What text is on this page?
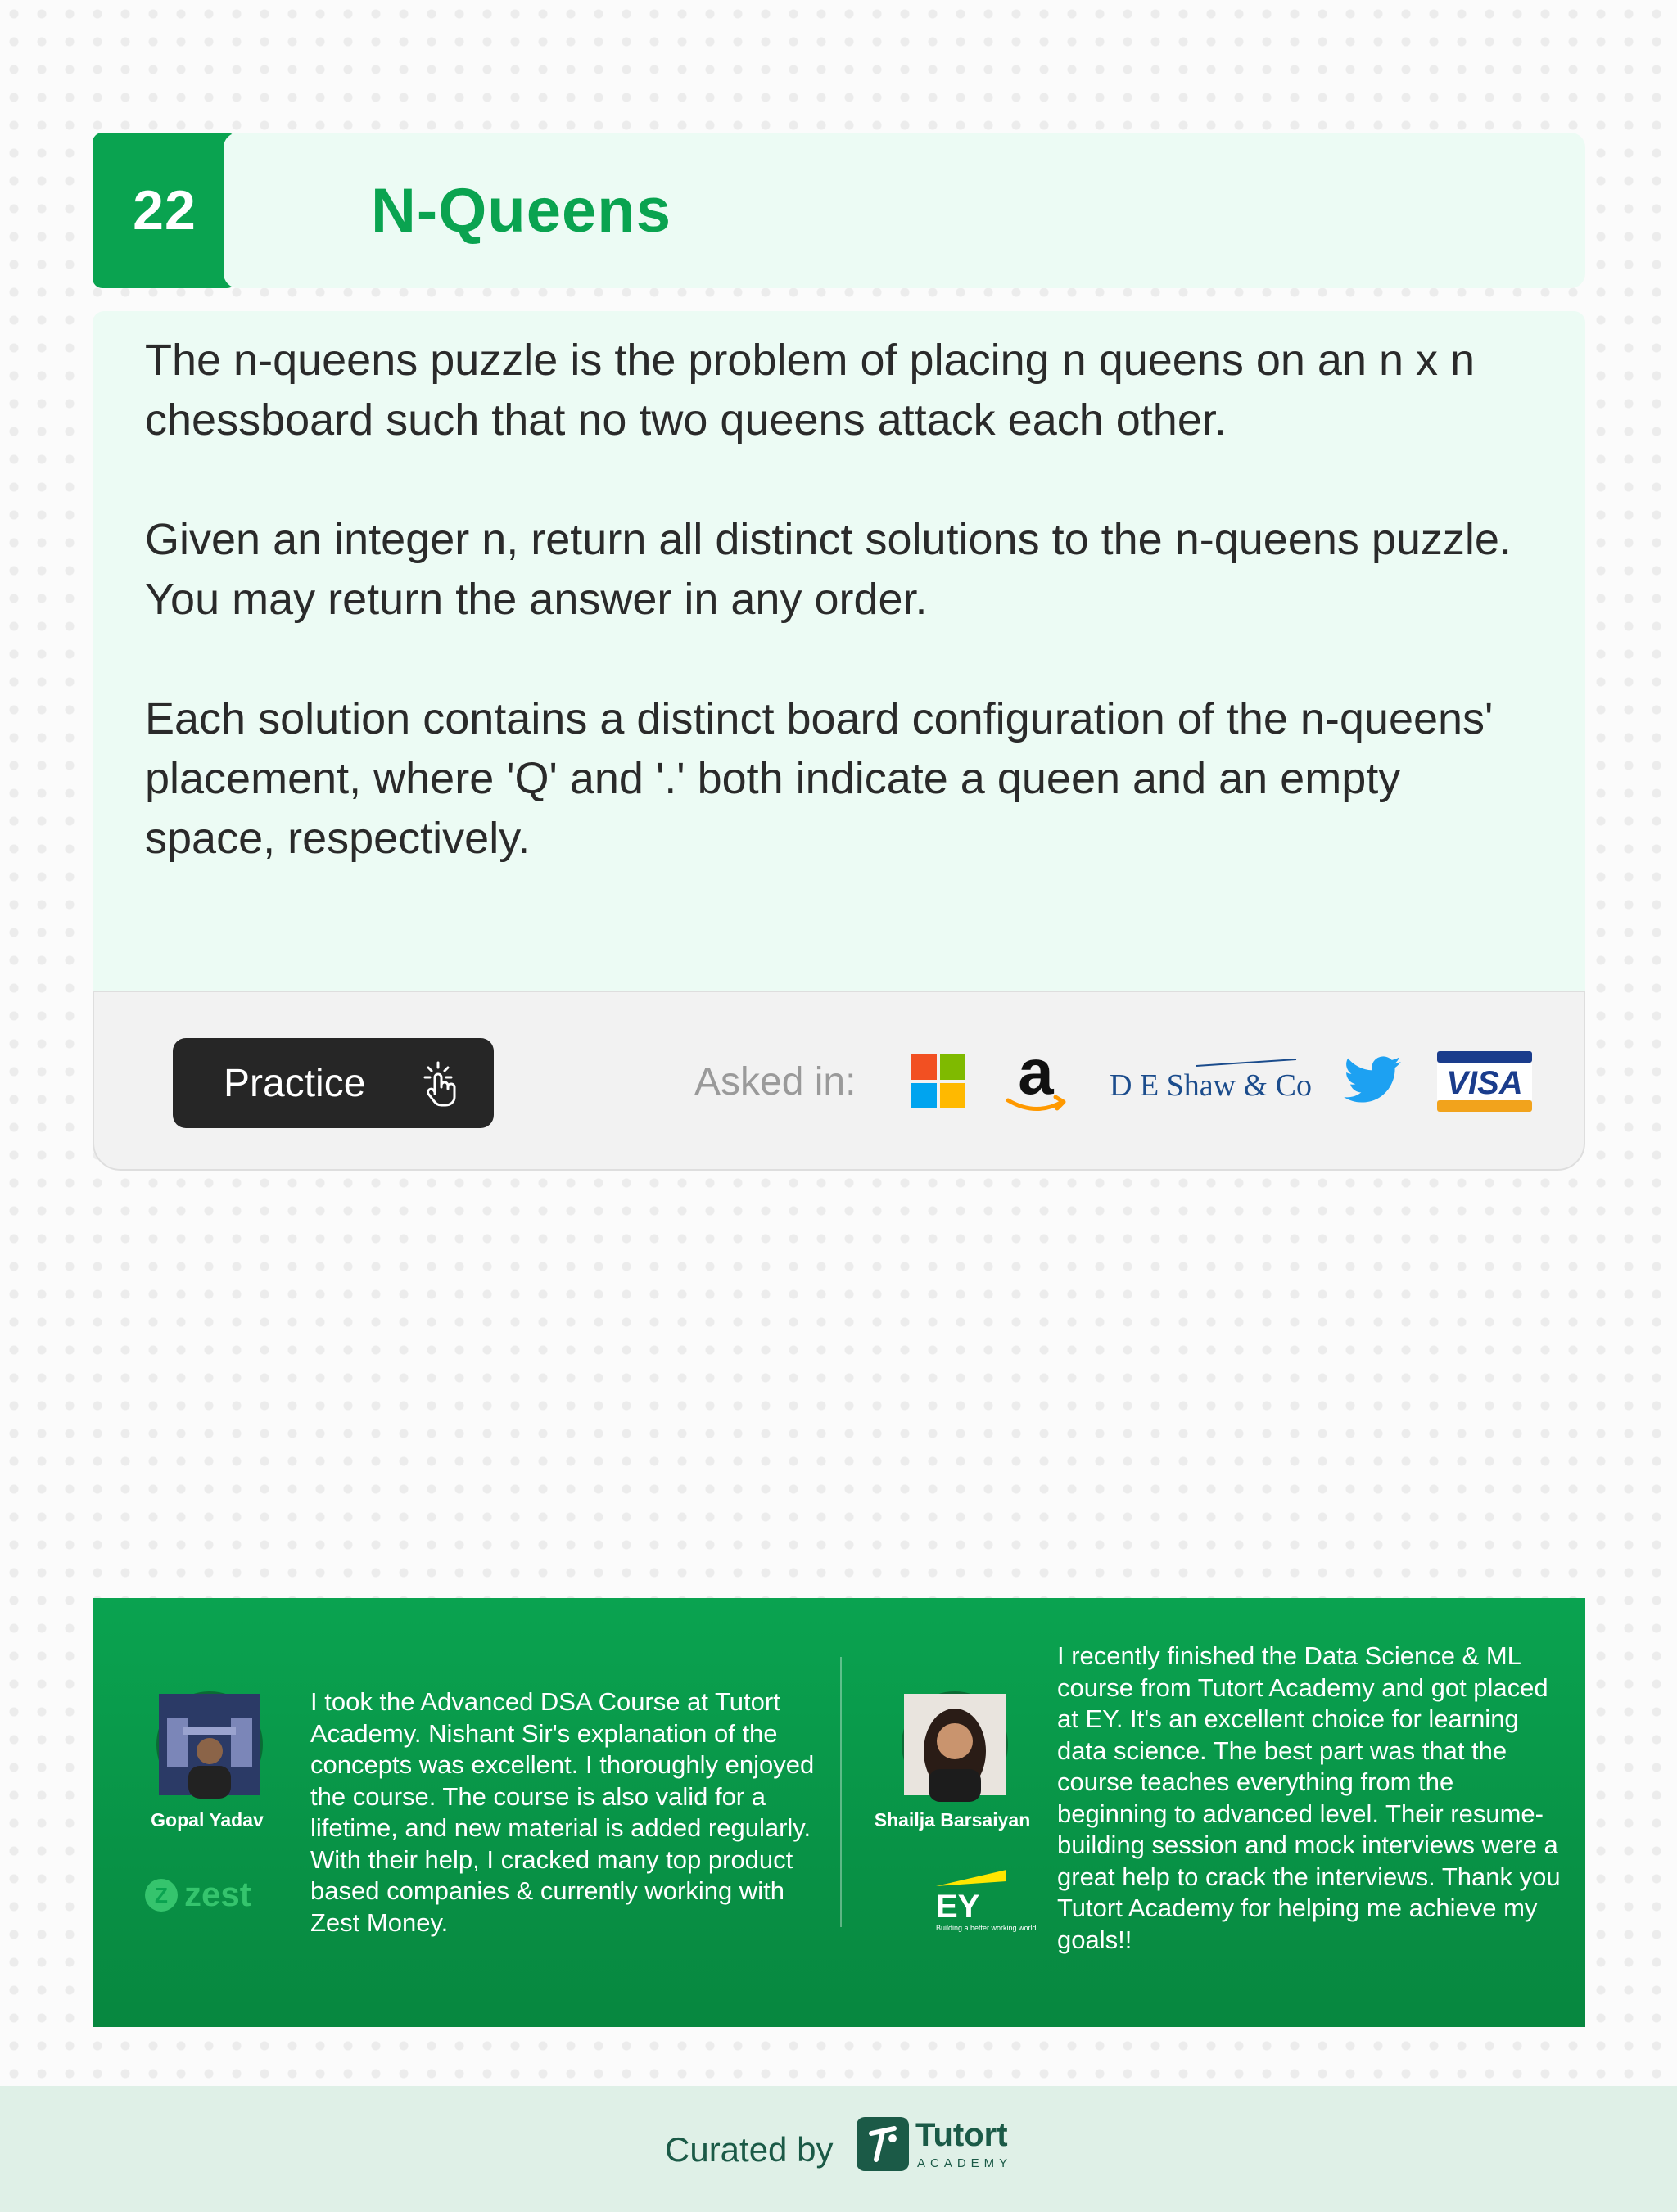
22	N-Queens

The n-queens puzzle is the problem of placing n queens on an n x n chessboard such that no two queens attack each other.

Given an integer n, return all distinct solutions to the n-queens puzzle. You may return the answer in any order.

Each solution contains a distinct board configuration of the n-queens' placement, where 'Q' and '.' both indicate a queen and an empty space, respectively.

Practice	Asked in:	a D E Shaw & Co	VISA
Gopal Yadav
Z zest
I took the Advanced DSA Course at Tutort Academy. Nishant Sir's explanation of the concepts was excellent. I thoroughly enjoyed the course. The course is also valid for a lifetime, and new material is added regularly. With their help, I cracked many top product based companies & currently working with Zest Money.
Shailja Barsaiyan
EY
Building a better working world
I recently finished the Data Science & ML course from Tutort Academy and got placed at EY. It's an excellent choice for learning data science. The best part was that the course teaches everything from the beginning to advanced level. Their resume-building session and mock interviews were a great help to crack the interviews. Thank you Tutort Academy for helping me achieve my goals!!
Curated by	Tutort
ACADEMY
